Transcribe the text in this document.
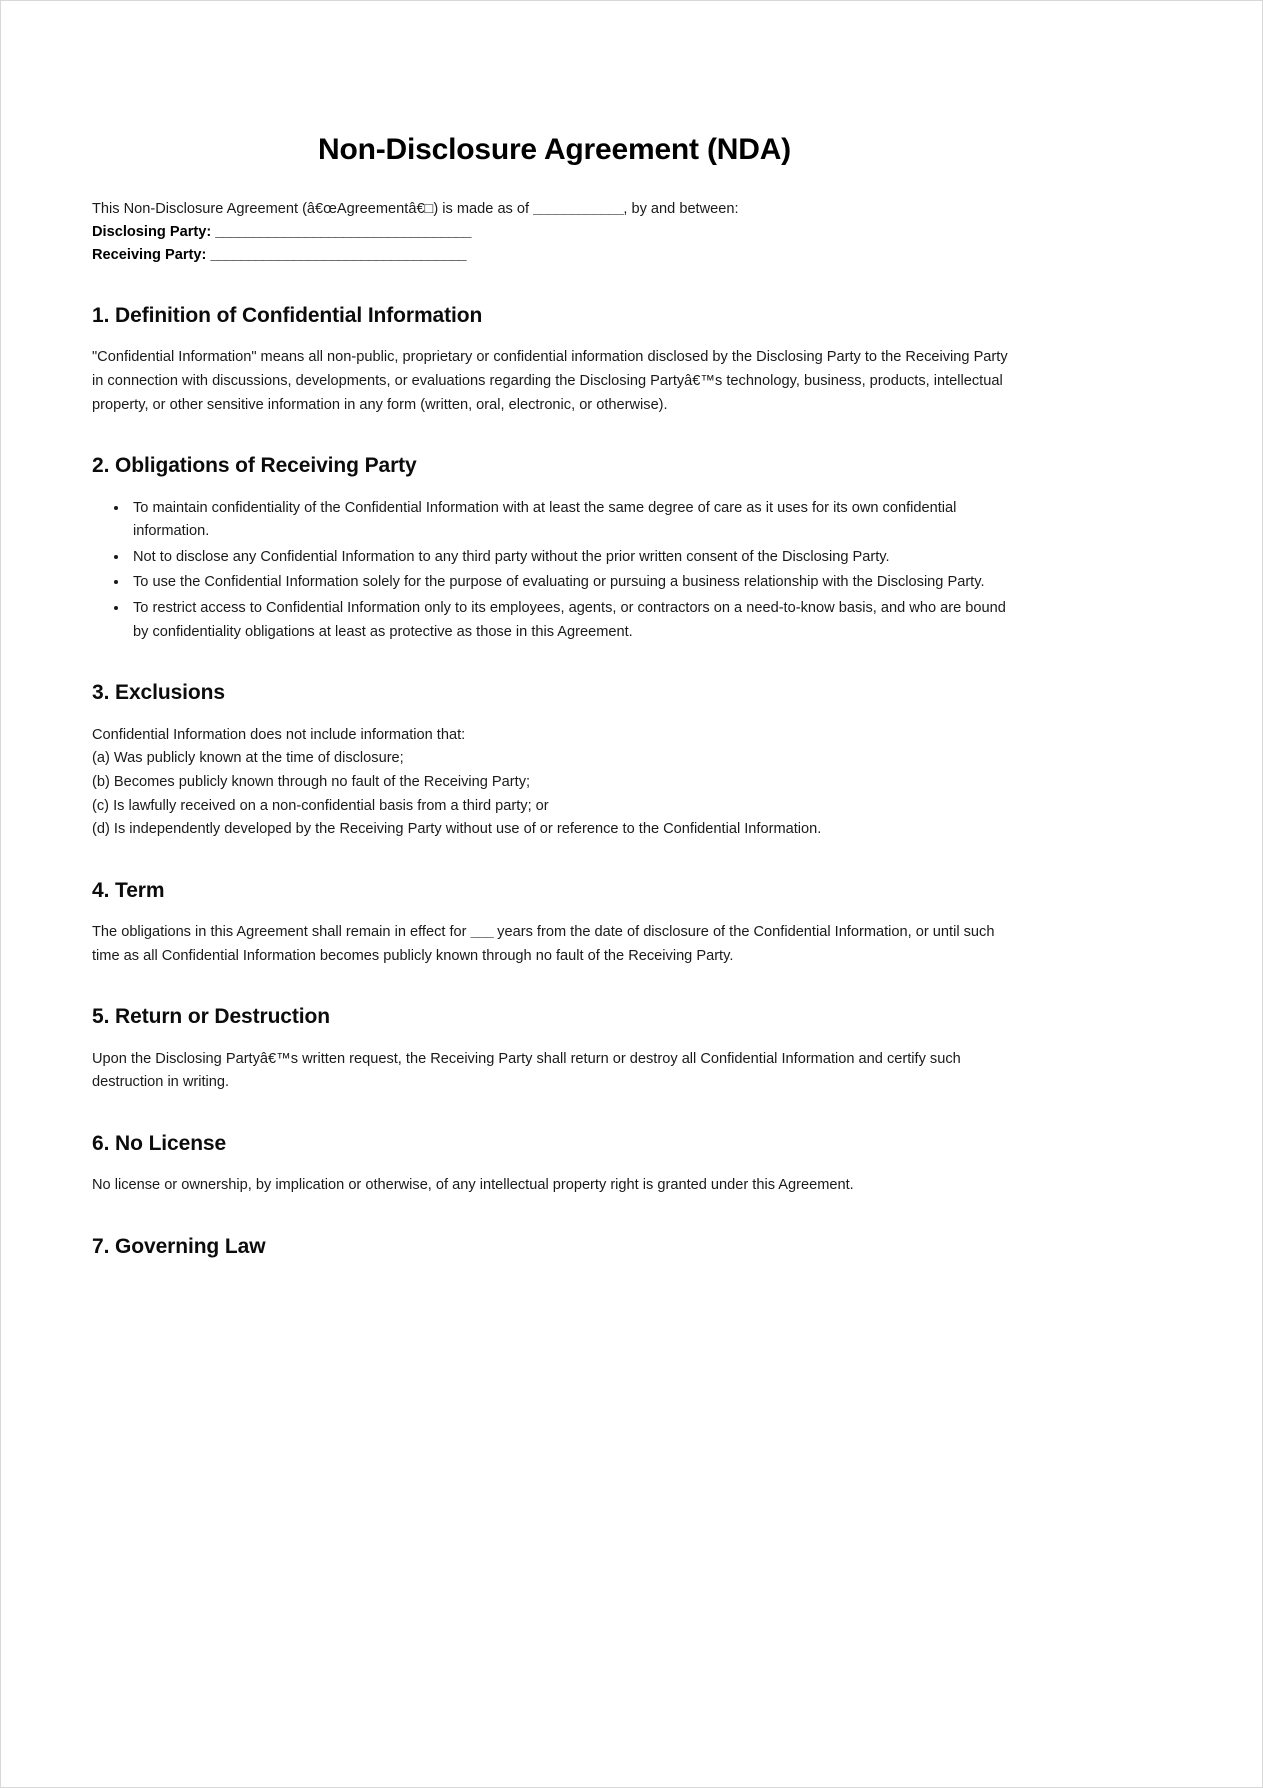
Non-Disclosure Agreement (NDA)
This Non-Disclosure Agreement (â€œAgreementâ€□) is made as of ____________, by and between:
Disclosing Party: __________________________________
Receiving Party: __________________________________
1. Definition of Confidential Information

"Confidential Information" means all non-public, proprietary or confidential information disclosed by the Disclosing Party to the Receiving Party in connection with discussions, developments, or evaluations regarding the Disclosing Partyâ€™s technology, business, products, intellectual property, or other sensitive information in any form (written, oral, electronic, or otherwise).

2. Obligations of Receiving Party
• To maintain confidentiality of the Confidential Information with at least the same degree of care as it uses for its own confidential information.
• Not to disclose any Confidential Information to any third party without the prior written consent of the Disclosing Party.
• To use the Confidential Information solely for the purpose of evaluating or pursuing a business relationship with the Disclosing Party.
• To restrict access to Confidential Information only to its employees, agents, or contractors on a need-to-know basis, and who are bound by confidentiality obligations at least as protective as those in this Agreement.
3. Exclusions

Confidential Information does not include information that:

(a) Was publicly known at the time of disclosure;

(b) Becomes publicly known through no fault of the Receiving Party;

(c) Is lawfully received on a non-confidential basis from a third party; or

(d) Is independently developed by the Receiving Party without use of or reference to the Confidential Information.

4. Term

The obligations in this Agreement shall remain in effect for ___ years from the date of disclosure of the Confidential Information, or until such time as all Confidential Information becomes publicly known through no fault of the Receiving Party.

5. Return or Destruction

Upon the Disclosing Partyâ€™s written request, the Receiving Party shall return or destroy all Confidential Information and certify such destruction in writing.

6. No License

No license or ownership, by implication or otherwise, of any intellectual property right is granted under this Agreement.

7. Governing Law
